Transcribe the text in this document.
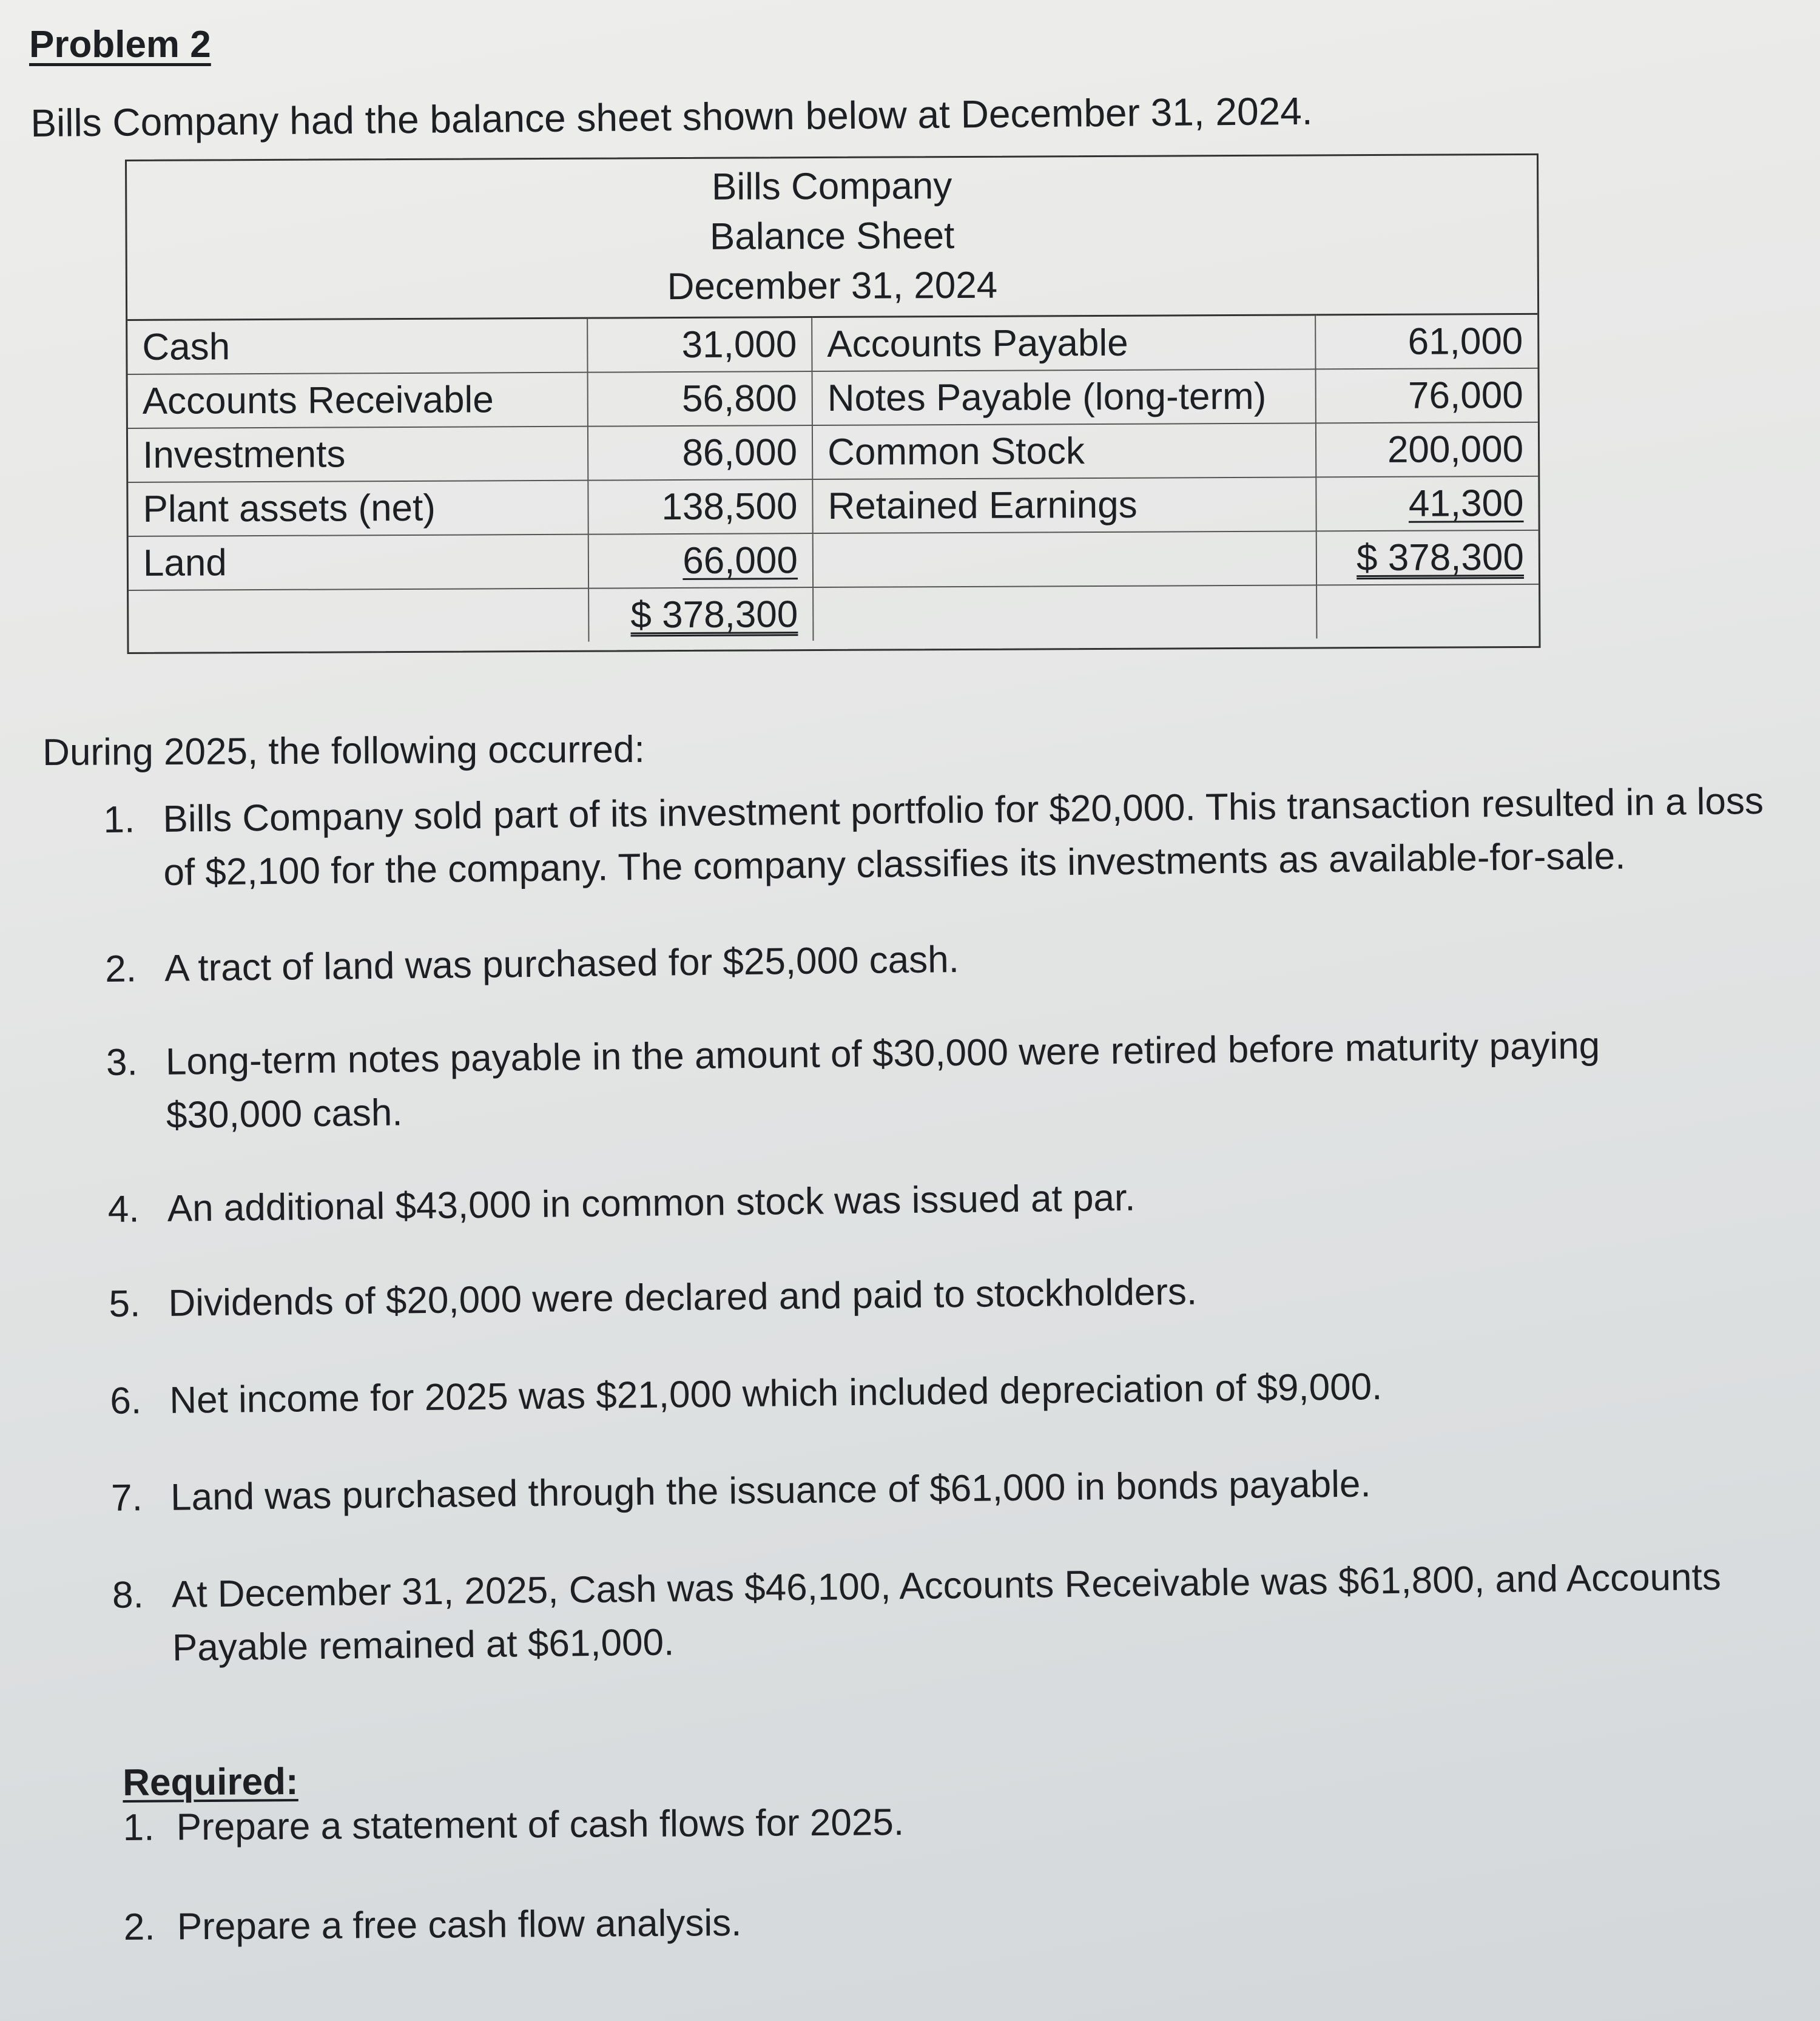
Problem 2
Bills Company had the balance sheet shown below at December 31, 2024.
Bills Company
Balance Sheet
December 31, 2024
Cash	31,000	Accounts Payable	61,000
Accounts Receivable	56,800	Notes Payable (long-term)	76,000
Investments	86,000	Common Stock	200,000
Plant assets (net)	138,500	Retained Earnings	41,300
Land	66,000		$ 378,300
	$ 378,300		
During 2025, the following occurred:
1. Bills Company sold part of its investment portfolio for $20,000. This transaction resulted in a loss of $2,100 for the company. The company classifies its investments as available-for-sale.
2. A tract of land was purchased for $25,000 cash.
3. Long-term notes payable in the amount of $30,000 were retired before maturity paying $30,000 cash.
4. An additional $43,000 in common stock was issued at par.
5. Dividends of $20,000 were declared and paid to stockholders.
6. Net income for 2025 was $21,000 which included depreciation of $9,000.
7. Land was purchased through the issuance of $61,000 in bonds payable.
8. At December 31, 2025, Cash was $46,100, Accounts Receivable was $61,800, and Accounts Payable remained at $61,000.
Required:
1. Prepare a statement of cash flows for 2025.
2. Prepare a free cash flow analysis.
